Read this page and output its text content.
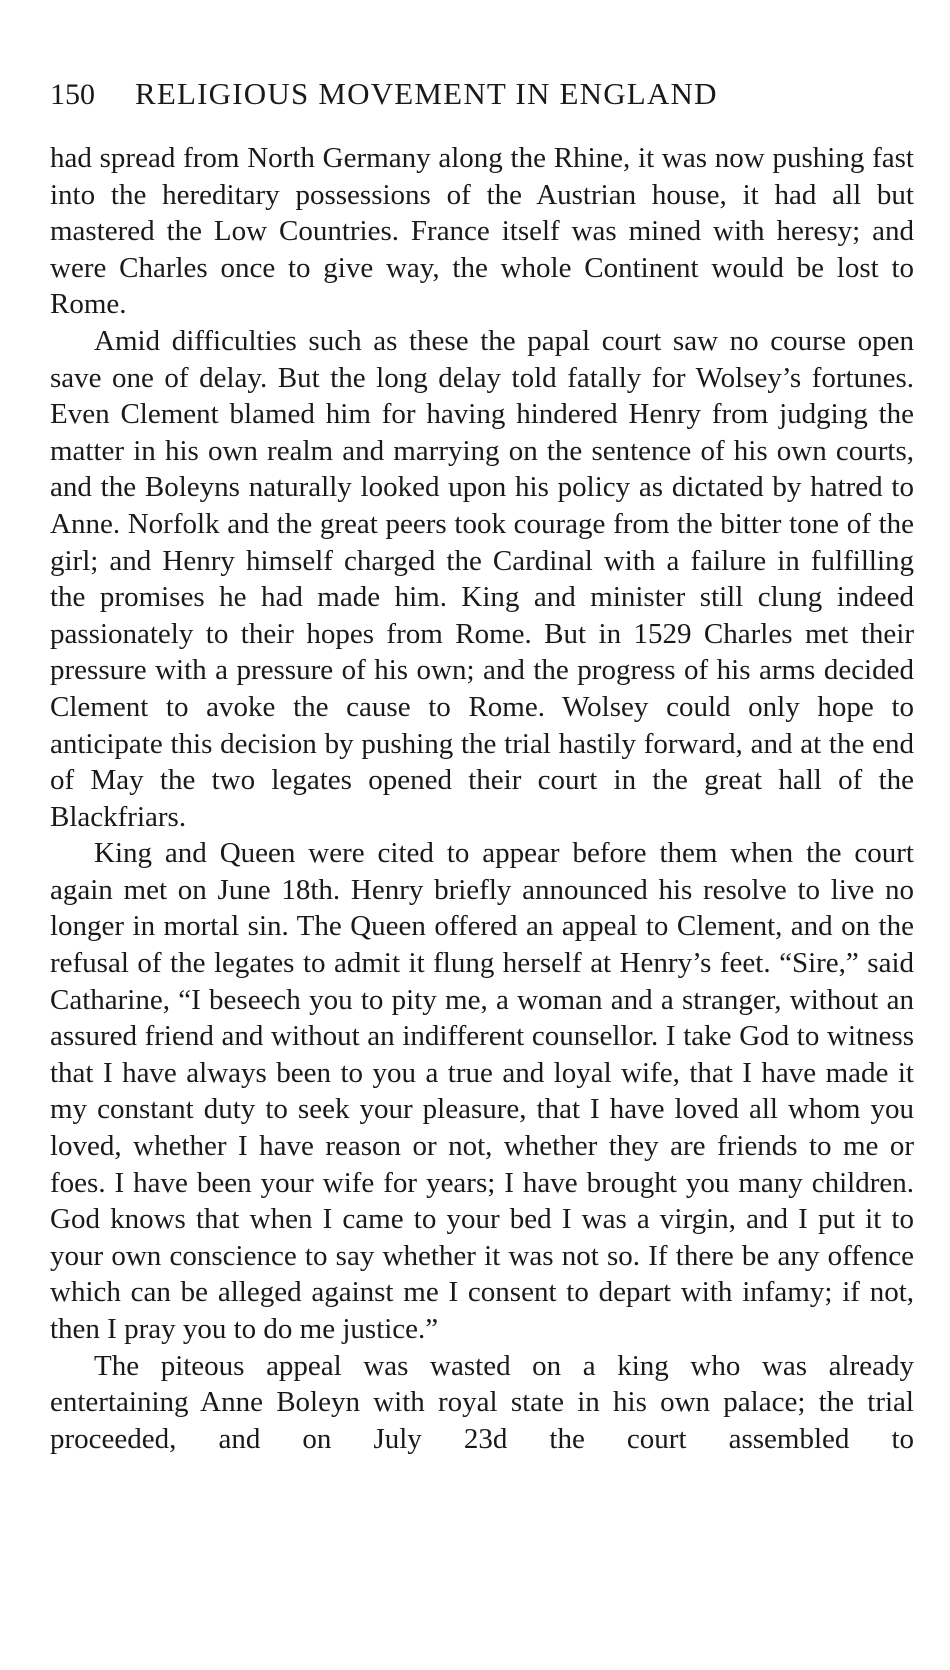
150 RELIGIOUS MOVEMENT IN ENGLAND

had spread from North Germany along the Rhine, it was now pushing fast into the hereditary possessions of the Austrian house, it had all but mastered the Low Countries. France itself was mined with heresy; and were Charles once to give way, the whole Continent would be lost to Rome.

Amid difficulties such as these the papal court saw no course open save one of delay. But the long delay told fatally for Wolsey’s fortunes. Even Clement blamed him for having hindered Henry from judging the matter in his own realm and marrying on the sentence of his own courts, and the Boleyns naturally looked upon his policy as dictated by hatred to Anne. Norfolk and the great peers took courage from the bitter tone of the girl; and Henry himself charged the Cardinal with a failure in fulfilling the promises he had made him. King and minister still clung indeed passionately to their hopes from Rome. But in 1529 Charles met their pressure with a pressure of his own; and the progress of his arms decided Clement to avoke the cause to Rome. Wolsey could only hope to anticipate this decision by pushing the trial hastily forward, and at the end of May the two legates opened their court in the great hall of the Blackfriars.

King and Queen were cited to appear before them when the court again met on June 18th. Henry briefly announced his resolve to live no longer in mortal sin. The Queen offered an appeal to Clement, and on the refusal of the legates to admit it flung herself at Henry’s feet. “Sire,” said Catharine, “I beseech you to pity me, a woman and a stranger, without an assured friend and without an indifferent counsellor. I take God to witness that I have always been to you a true and loyal wife, that I have made it my constant duty to seek your pleasure, that I have loved all whom you loved, whether I have reason or not, whether they are friends to me or foes. I have been your wife for years; I have brought you many children. God knows that when I came to your bed I was a virgin, and I put it to your own conscience to say whether it was not so. If there be any offence which can be alleged against me I consent to depart with infamy; if not, then I pray you to do me justice.”

The piteous appeal was wasted on a king who was already entertaining Anne Boleyn with royal state in his own palace; the trial proceeded, and on July 23d the court assembled to
